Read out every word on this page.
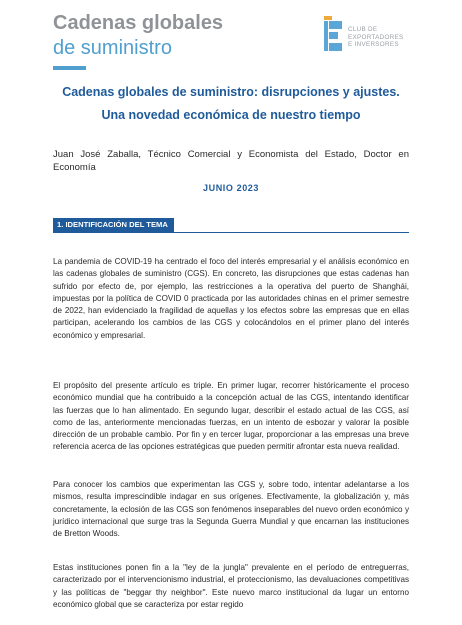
Cadenas globales
de suministro
CLUB DE
EXPORTADORES
E INVERSORES
Cadenas globales de suministro: disrupciones y ajustes.
Una novedad económica de nuestro tiempo
Juan José Zaballa, Técnico Comercial y Economista del Estado, Doctor en Economía
JUNIO 2023
1. IDENTIFICACIÓN DEL TEMA
La pandemia de COVID-19 ha centrado el foco del interés empresarial y el análisis económico en las cadenas globales de suministro (CGS). En concreto, las disrupciones que estas cadenas han sufrido por efecto de, por ejemplo, las restricciones a la operativa del puerto de Shanghái, impuestas por la política de COVID 0 practicada por las autoridades chinas en el primer semestre de 2022, han evidenciado la fragilidad de aquellas y los efectos sobre las empresas que en ellas participan, acelerando los cambios de las CGS y colocándolos en el primer plano del interés económico y empresarial.
El propósito del presente artículo es triple. En primer lugar, recorrer históricamente el proceso económico mundial que ha contribuido a la concepción actual de las CGS, intentando identificar las fuerzas que lo han alimentado. En segundo lugar, describir el estado actual de las CGS, así como de las, anteriormente mencionadas fuerzas, en un intento de esbozar y valorar la posible dirección de un probable cambio. Por fin y en tercer lugar, proporcionar a las empresas una breve referencia acerca de las opciones estratégicas que pueden permitir afrontar esta nueva realidad.
Para conocer los cambios que experimentan las CGS y, sobre todo, intentar adelantarse a los mismos, resulta imprescindible indagar en sus orígenes. Efectivamente, la globalización y, más concretamente, la eclosión de las CGS son fenómenos inseparables del nuevo orden económico y jurídico internacional que surge tras la Segunda Guerra Mundial y que encarnan las instituciones de Bretton Woods.
Estas instituciones ponen fin a la "ley de la jungla" prevalente en el período de entreguerras, caracterizado por el intervencionismo industrial, el proteccionismo, las devaluaciones competitivas y las políticas de "beggar thy neighbor". Este nuevo marco institucional da lugar un entorno económico global que se caracteriza por estar regido
